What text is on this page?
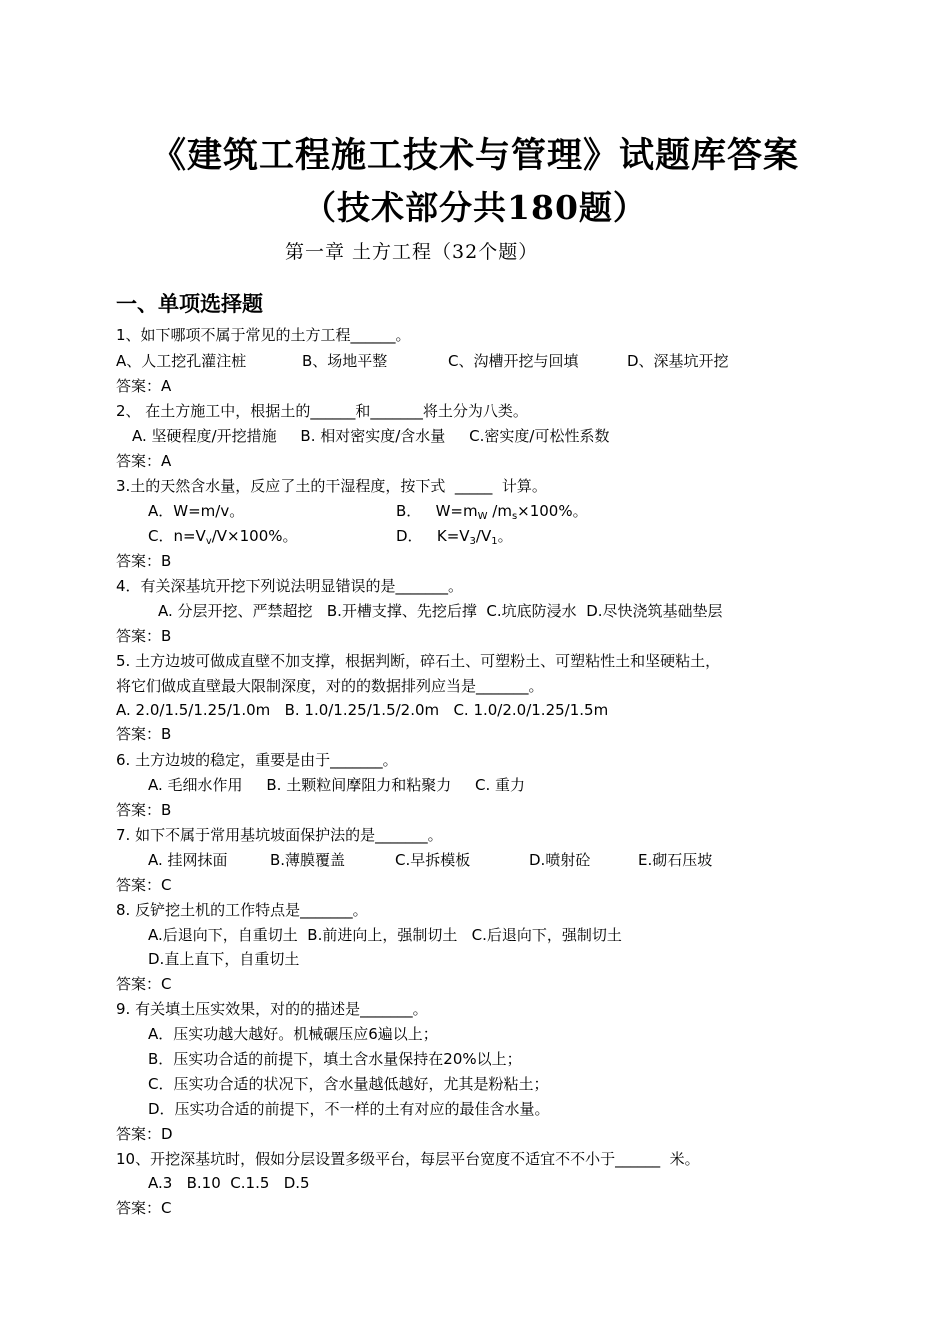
《建筑工程施工技术与管理》试题库答案
（技术部分共180题）
第一章 土方工程（32个题）
一、单项选择题
1、如下哪项不属于常见的土方工程______。
A、人工挖孔灌注桩	B、场地平整	C、沟槽开挖与回填	D、深基坑开挖
答案：A
2、 在土方施工中，根据土的______和_______将土分为八类。
A. 坚硬程度/开挖措施     B. 相对密实度/含水量     C.密实度/可松性系数
答案：A
3.土的天然含水量，反应了土的干湿程度，按下式  _____  计算。
A．W=m/v。	B．   $W=m_W$ $/m_s\times 100\%$。
C．$n=V_v/V\times 100\%$。	D．   $K=V_3/V_1$。
答案：B
4．有关深基坑开挖下列说法明显错误的是_______。
A. 分层开挖、严禁超挖   B.开槽支撑、先挖后撑  C.坑底防浸水  D.尽快浇筑基础垫层
答案：B
5. 土方边坡可做成直壁不加支撑，根据判断，碎石土、可塑粉土、可塑粘性土和坚硬粘土，
将它们做成直壁最大限制深度，对的的数据排列应当是_______。
A. 2.0/1.5/1.25/1.0m   B. 1.0/1.25/1.5/2.0m   C. 1.0/2.0/1.25/1.5m
答案：B
6. 土方边坡的稳定，重要是由于_______。
A. 毛细水作用     B. 土颗粒间摩阻力和粘聚力     C. 重力
答案：B
7. 如下不属于常用基坑坡面保护法的是_______。
A. 挂网抹面	B.薄膜覆盖	C.早拆模板	D.喷射砼	E.砌石压坡
答案：C
8. 反铲挖土机的工作特点是_______。
A.后退向下，自重切土  B.前进向上，强制切土   C.后退向下，强制切土
D.直上直下，自重切土
答案：C
9. 有关填土压实效果，对的的描述是_______。
A．压实功越大越好。机械碾压应6遍以上；
B．压实功合适的前提下，填土含水量保持在20%以上；
C．压实功合适的状况下，含水量越低越好，尤其是粉粘土；
D．压实功合适的前提下，不一样的土有对应的最佳含水量。
答案：D
10、开挖深基坑时，假如分层设置多级平台，每层平台宽度不适宜不不小于______  米。
A.3   B.10  C.1.5   D.5
答案：C
